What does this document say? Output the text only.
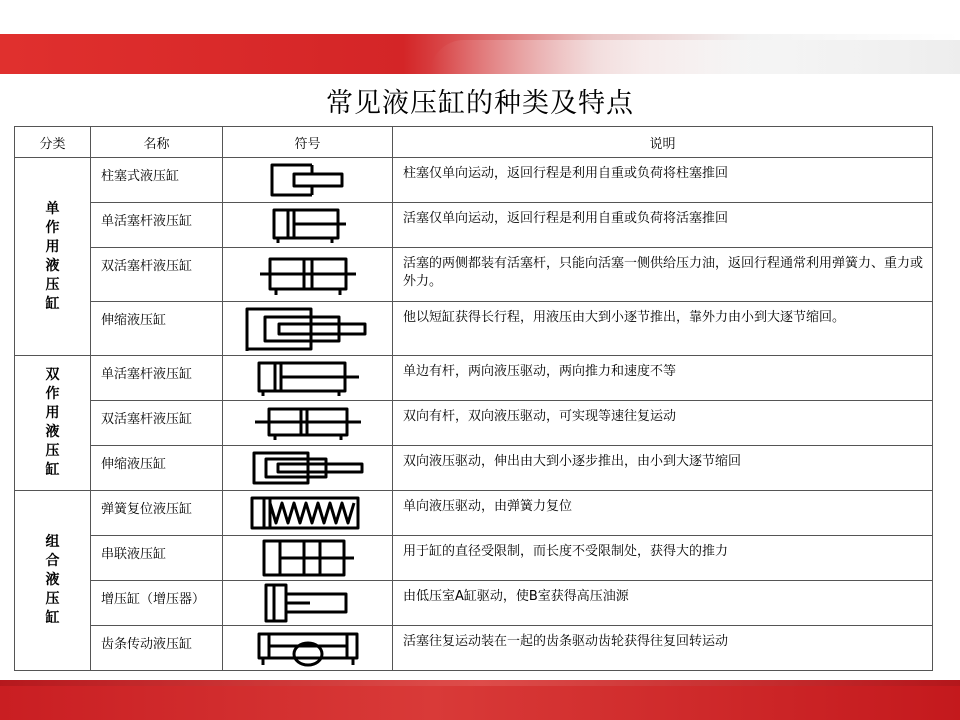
常见液压缸的种类及特点
分类	名称	符号	说明
单作用液压缸	柱塞式液压缸		柱塞仅单向运动，返回行程是利用自重或负荷将柱塞推回
	单活塞杆液压缸		活塞仅单向运动，返回行程是利用自重或负荷将活塞推回
	双活塞杆液压缸		活塞的两侧都装有活塞杆，只能向活塞一侧供给压力油，返回行程通常利用弹簧力、重力或外力。
	伸缩液压缸		他以短缸获得长行程，用液压由大到小逐节推出，靠外力由小到大逐节缩回。
双作用液压缸	单活塞杆液压缸		单边有杆，两向液压驱动，两向推力和速度不等
	双活塞杆液压缸		双向有杆，双向液压驱动，可实现等速往复运动
	伸缩液压缸		双向液压驱动，伸出由大到小逐步推出，由小到大逐节缩回
组合液压缸	弹簧复位液压缸		单向液压驱动，由弹簧力复位
	串联液压缸		用于缸的直径受限制，而长度不受限制处，获得大的推力
	增压缸（增压器）		由低压室A缸驱动，使B室获得高压油源
	齿条传动液压缸		活塞往复运动装在一起的齿条驱动齿轮获得往复回转运动
